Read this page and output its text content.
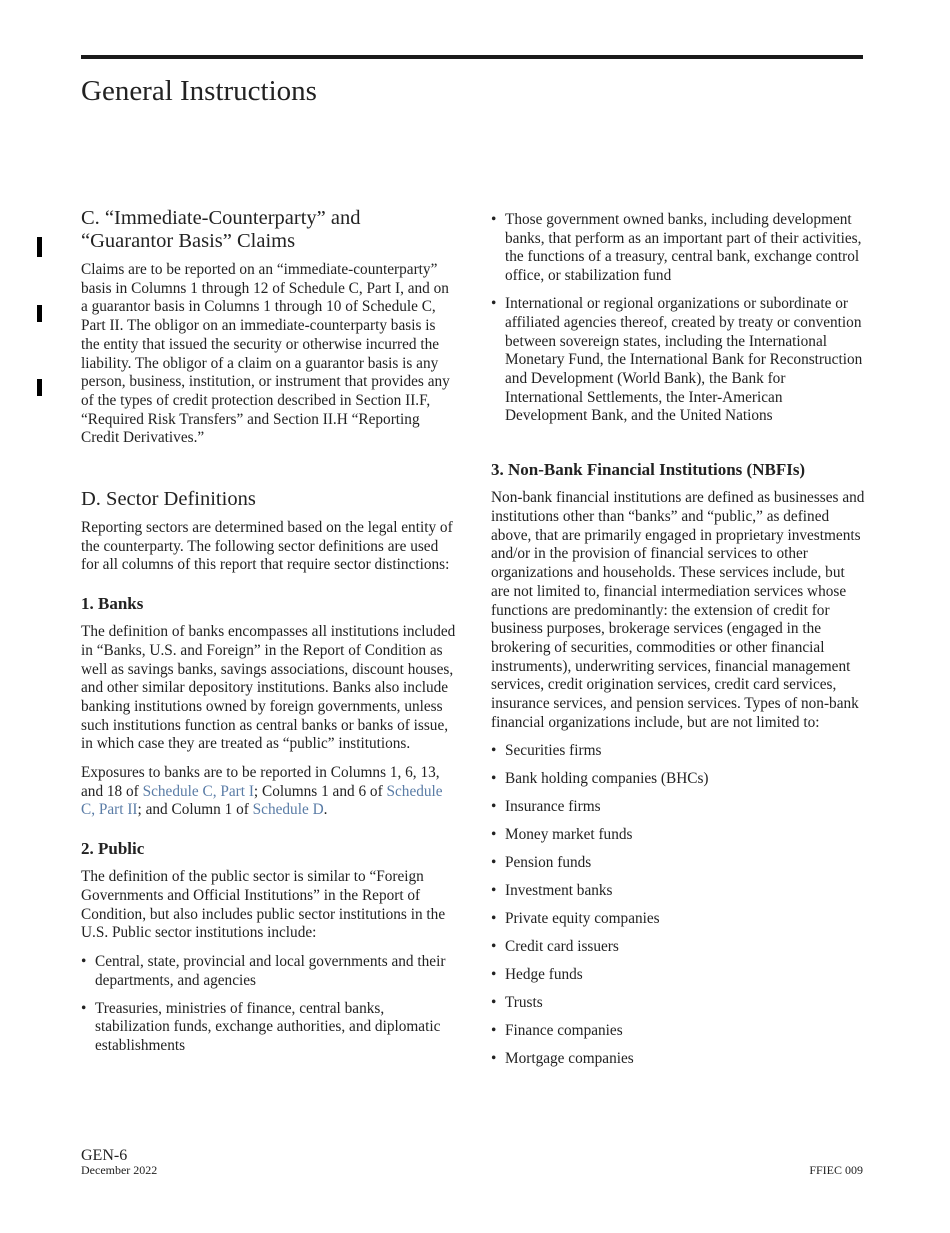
General Instructions
C. “Immediate-Counterparty” and
“Guarantor Basis” Claims

Claims are to be reported on an “immediate-counterparty” basis in Columns 1 through 12 of Schedule C, Part I, and on a guarantor basis in Columns 1 through 10 of Schedule C, Part II. The obligor on an immediate-counterparty basis is the entity that issued the security or otherwise incurred the liability. The obligor of a claim on a guarantor basis is any person, business, institution, or instrument that provides any of the types of credit protection described in Section II.F, “Required Risk Transfers” and Section II.H “Reporting Credit Derivatives.”

D. Sector Definitions

Reporting sectors are determined based on the legal entity of the counterparty. The following sector definitions are used for all columns of this report that require sector distinctions:

1. Banks

The definition of banks encompasses all institutions included in “Banks, U.S. and Foreign” in the Report of Condition as well as savings banks, savings associations, discount houses, and other similar depository institutions. Banks also include banking institutions owned by foreign governments, unless such institutions function as central banks or banks of issue, in which case they are treated as “public” institutions.

Exposures to banks are to be reported in Columns 1, 6, 13, and 18 of Schedule C, Part I; Columns 1 and 6 of Schedule C, Part II; and Column 1 of Schedule D.

2. Public

The definition of the public sector is similar to “Foreign Governments and Official Institutions” in the Report of Condition, but also includes public sector institutions in the U.S. Public sector institutions include:

• Central, state, provincial and local governments and their departments, and agencies
• Treasuries, ministries of finance, central banks, stabilization funds, exchange authorities, and diplomatic establishments
• Those government owned banks, including development banks, that perform as an important part of their activities, the functions of a treasury, central bank, exchange control office, or stabilization fund
• International or regional organizations or subordinate or affiliated agencies thereof, created by treaty or convention between sovereign states, including the International Monetary Fund, the International Bank for Reconstruction and Development (World Bank), the Bank for International Settlements, the Inter-American Development Bank, and the United Nations
3. Non-Bank Financial Institutions (NBFIs)

Non-bank financial institutions are defined as businesses and institutions other than “banks” and “public,” as defined above, that are primarily engaged in proprietary investments and/or in the provision of financial services to other organizations and households. These services include, but are not limited to, financial intermediation services whose functions are predominantly: the extension of credit for business purposes, brokerage services (engaged in the brokering of securities, commodities or other financial instruments), underwriting services, financial management services, credit origination services, credit card services, insurance services, and pension services. Types of non-bank financial organizations include, but are not limited to:

• Securities firms
• Bank holding companies (BHCs)
• Insurance firms
• Money market funds
• Pension funds
• Investment banks
• Private equity companies
• Credit card issuers
• Hedge funds
• Trusts
• Finance companies
• Mortgage companies

GEN-6

December 2022	FFIEC 009
